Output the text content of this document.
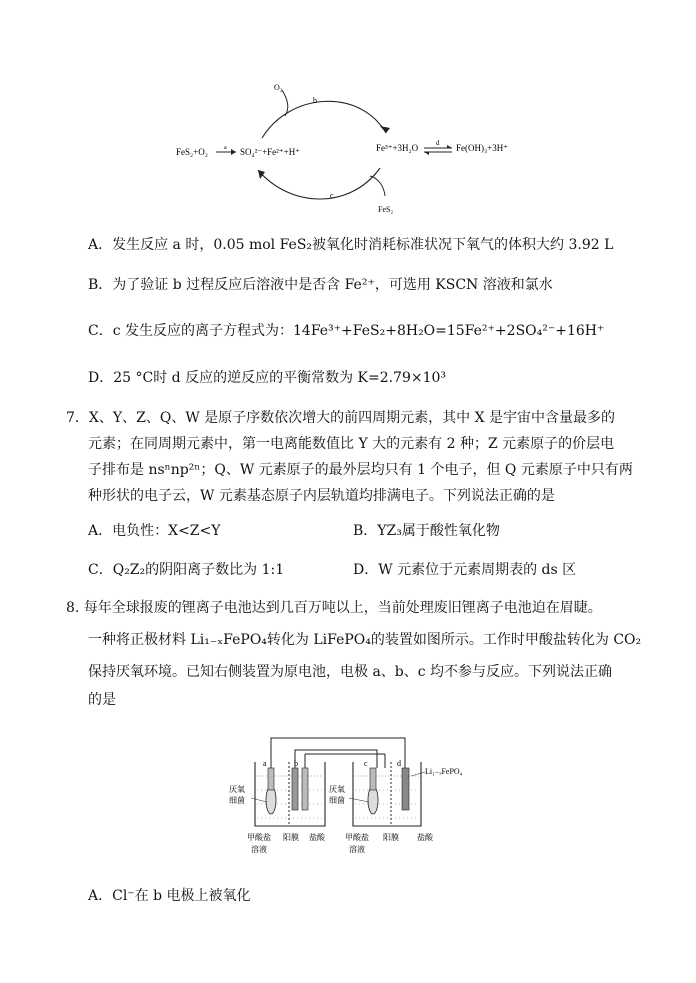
O₂
b
a
d
c
FeS₂+O₂	SO₄²⁻+Fe²⁺+H⁺	Fe³⁺+3H₂O	Fe(OH)₃+3H⁺
FeS₂
A．发生反应 a 时，0.05 mol FeS₂被氧化时消耗标准状况下氧气的体积大约 3.92 L
B．为了验证 b 过程反应后溶液中是否含 Fe²⁺，可选用 KSCN 溶液和氯水
C．c 发生反应的离子方程式为：14Fe³⁺+FeS₂+8H₂O=15Fe²⁺+2SO₄²⁻+16H⁺
D．25 °C时 d 反应的逆反应的平衡常数为 K=2.79×10³
7．X、Y、Z、Q、W 是原子序数依次增大的前四周期元素，其中 X 是宇宙中含量最多的
元素；在同周期元素中，第一电离能数值比 Y 大的元素有 2 种；Z 元素原子的价层电
子排布是 nsⁿnp²ⁿ；Q、W 元素原子的最外层均只有 1 个电子，但 Q 元素原子中只有两
种形状的电子云，W 元素基态原子内层轨道均排满电子。下列说法正确的是
A．电负性：X<Z<Y	B．YZ₃属于酸性氧化物
C．Q₂Z₂的阴阳离子数比为 1:1	D．W 元素位于元素周期表的 ds 区
8. 每年全球报废的锂离子电池达到几百万吨以上，当前处理废旧锂离子电池迫在眉睫。
一种将正极材料 Li₁₋ₓFePO₄转化为 LiFePO₄的装置如图所示。工作时甲酸盐转化为 CO₂
保持厌氧环境。已知右侧装置为原电池，电极 a、b、c 均不参与反应。下列说法正确
的是
a	b	c	d
厌氧
细菌
厌氧
细菌
Li₁₋ₓFePO₄
甲酸盐
溶液
阳膜 盐酸	甲酸盐
溶液
阳膜 盐酸
A．Cl⁻在 b 电极上被氧化
